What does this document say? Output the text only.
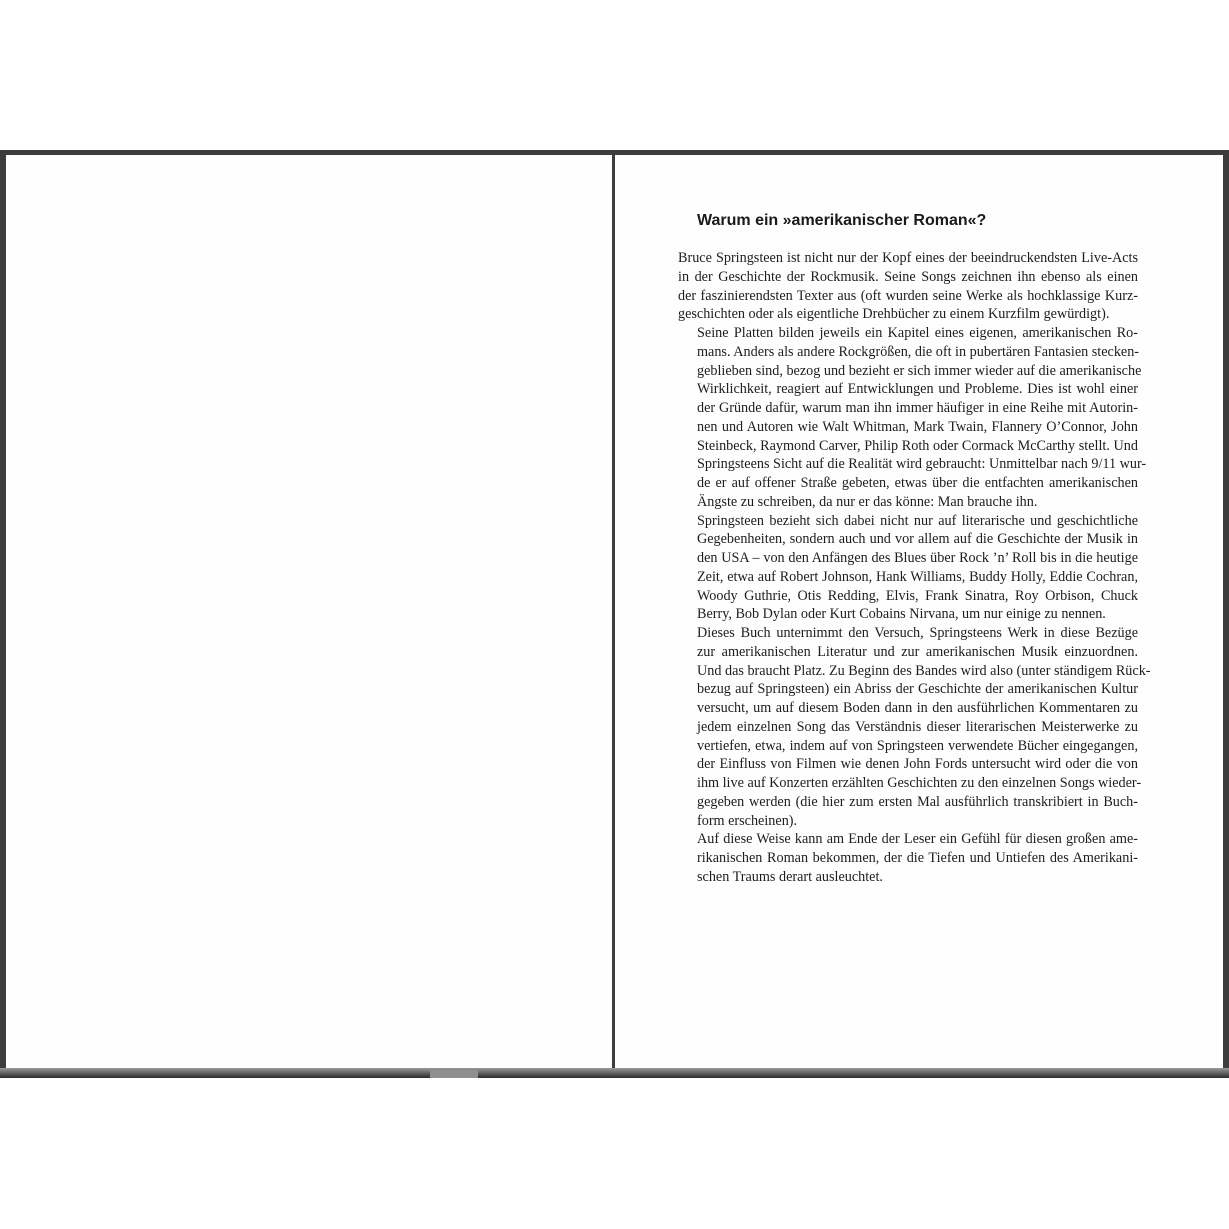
Warum ein »amerikanischer Roman«?

Bruce Springsteen ist nicht nur der Kopf eines der beeindruckendsten Live-Acts
in der Geschichte der Rockmusik. Seine Songs zeichnen ihn ebenso als einen
der faszinierendsten Texter aus (oft wurden seine Werke als hochklassige Kurz-
geschichten oder als eigentliche Drehbücher zu einem Kurzfilm gewürdigt).

Seine Platten bilden jeweils ein Kapitel eines eigenen, amerikanischen Ro-
mans. Anders als andere Rockgrößen, die oft in pubertären Fantasien stecken-
geblieben sind, bezog und bezieht er sich immer wieder auf die amerikanische
Wirklichkeit, reagiert auf Entwicklungen und Probleme. Dies ist wohl einer
der Gründe dafür, warum man ihn immer häufiger in eine Reihe mit Autorin-
nen und Autoren wie Walt Whitman, Mark Twain, Flannery O’Connor, John
Steinbeck, Raymond Carver, Philip Roth oder Cormack McCarthy stellt. Und
Springsteens Sicht auf die Realität wird gebraucht: Unmittelbar nach 9/11 wur-
de er auf offener Straße gebeten, etwas über die entfachten amerikanischen
Ängste zu schreiben, da nur er das könne: Man brauche ihn.

Springsteen bezieht sich dabei nicht nur auf literarische und geschichtliche
Gegebenheiten, sondern auch und vor allem auf die Geschichte der Musik in
den USA – von den Anfängen des Blues über Rock ’n’ Roll bis in die heutige
Zeit, etwa auf Robert Johnson, Hank Williams, Buddy Holly, Eddie Cochran,
Woody Guthrie, Otis Redding, Elvis, Frank Sinatra, Roy Orbison, Chuck
Berry, Bob Dylan oder Kurt Cobains Nirvana, um nur einige zu nennen.

Dieses Buch unternimmt den Versuch, Springsteens Werk in diese Bezüge
zur amerikanischen Literatur und zur amerikanischen Musik einzuordnen.
Und das braucht Platz. Zu Beginn des Bandes wird also (unter ständigem Rück-
bezug auf Springsteen) ein Abriss der Geschichte der amerikanischen Kultur
versucht, um auf diesem Boden dann in den ausführlichen Kommentaren zu
jedem einzelnen Song das Verständnis dieser literarischen Meisterwerke zu
vertiefen, etwa, indem auf von Springsteen verwendete Bücher eingegangen,
der Einfluss von Filmen wie denen John Fords untersucht wird oder die von
ihm live auf Konzerten erzählten Geschichten zu den einzelnen Songs wieder-
gegeben werden (die hier zum ersten Mal ausführlich transkribiert in Buch-
form erscheinen).

Auf diese Weise kann am Ende der Leser ein Gefühl für diesen großen ame-
rikanischen Roman bekommen, der die Tiefen und Untiefen des Amerikani-
schen Traums derart ausleuchtet.
